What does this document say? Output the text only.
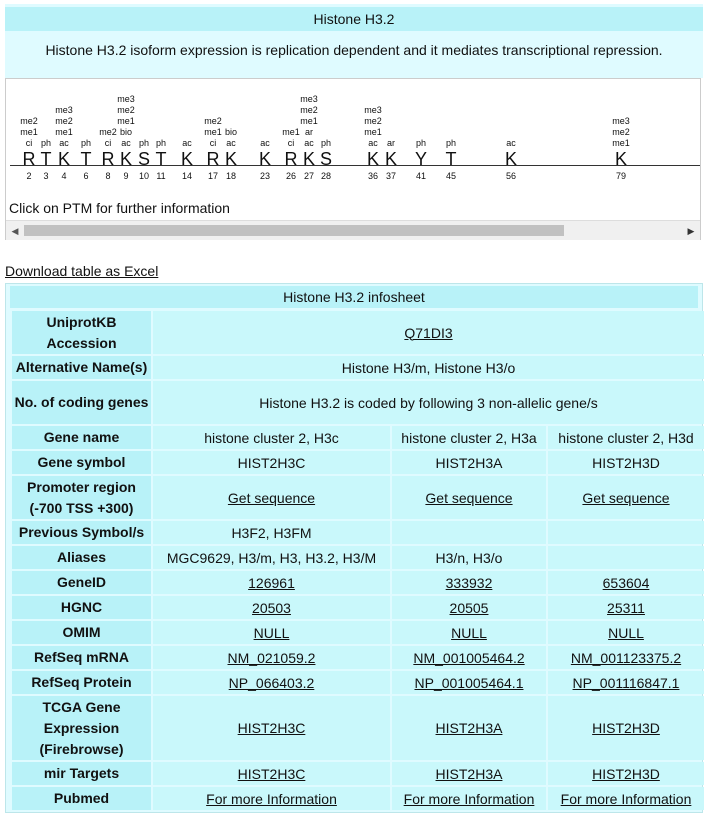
Histone H3.2
Histone H3.2 isoform expression is replication dependent and it mediates transcriptional repression.
me2
me1
ci
R
2
ph
T
3
me3
me2
me1
ac
K
4
ph
T
6
me2
ci
R
8
me3
me2
me1
bio
ac
K
9
ph
S
10
ph
T
11
ac
K
14
me2
me1
ci
R
17
bio
ac
K
18
ac
K
23
me1
ci
R
26
me3
me2
me1
ar
ac
K
27
ph
S
28
me3
me2
me1
ac
K
36
ar
K
37
ph
Y
41
ph
T
45
ac
K
56
me3
me2
me1
K
79
Click on PTM for further information
◀	▶
Download table as Excel
Histone H3.2 infosheet
UniprotKB Accession	Q71DI3		
Alternative Name(s)	Histone H3/m, Histone H3/o		
No. of coding genes	Histone H3.2 is coded by following 3 non-allelic gene/s		
Gene name	histone cluster 2, H3c	histone cluster 2, H3a	histone cluster 2, H3d
Gene symbol	HIST2H3C	HIST2H3A	HIST2H3D
Promoter region (-700 TSS +300)	Get sequence	Get sequence	Get sequence
Previous Symbol/s	H3F2, H3FM		
Aliases	MGC9629, H3/m, H3, H3.2, H3/M	H3/n, H3/o	
GeneID	126961	333932	653604
HGNC	20503	20505	25311
OMIM	NULL	NULL	NULL
RefSeq mRNA	NM_021059.2	NM_001005464.2	NM_001123375.2
RefSeq Protein	NP_066403.2	NP_001005464.1	NP_001116847.1
TCGA Gene Expression (Firebrowse)	HIST2H3C	HIST2H3A	HIST2H3D
mir Targets	HIST2H3C	HIST2H3A	HIST2H3D
Pubmed	For more Information	For more Information	For more Information
